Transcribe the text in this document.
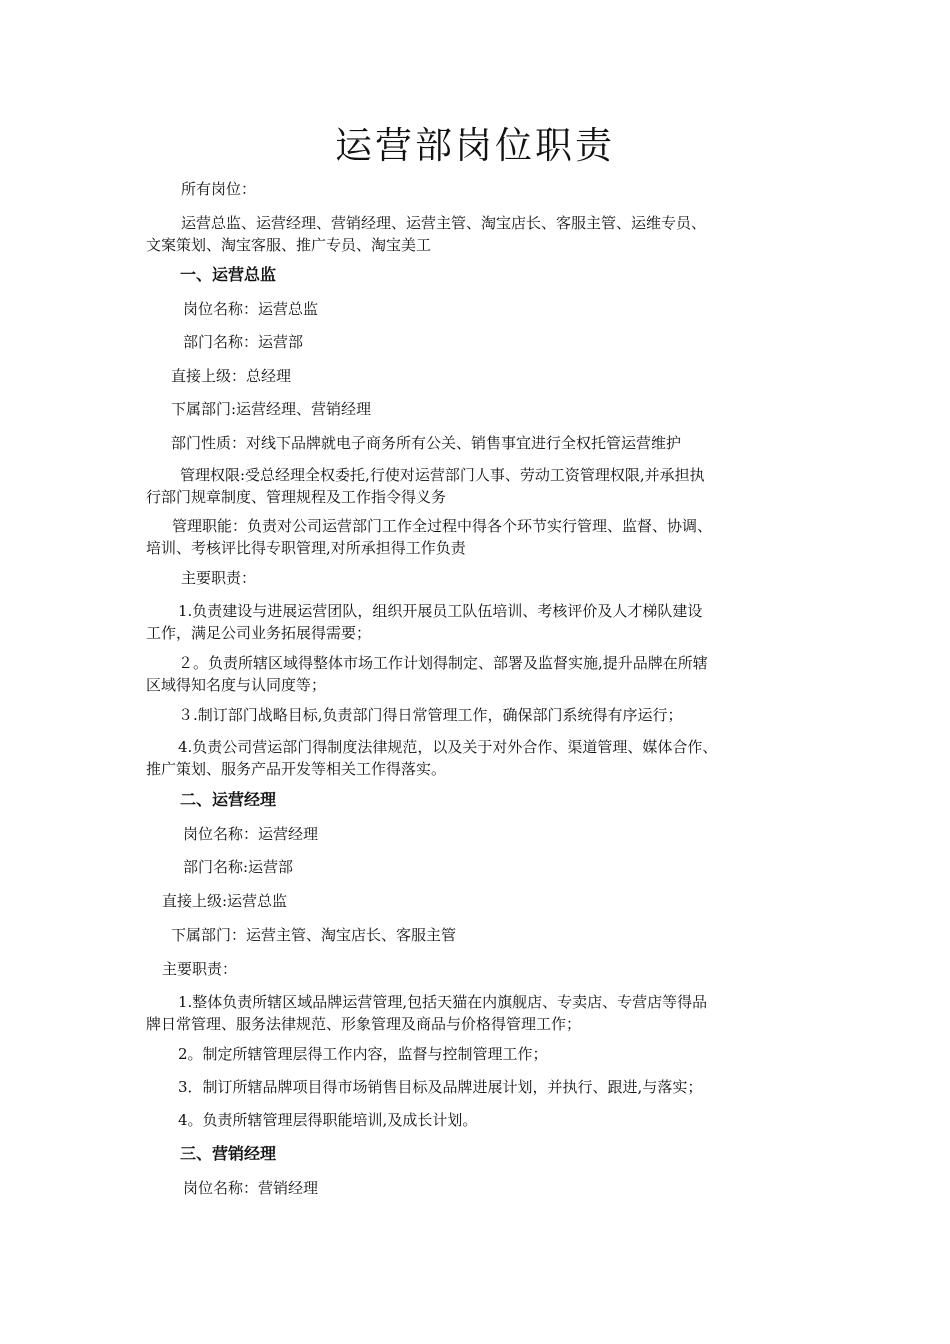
运营部岗位职责
所有岗位：
运营总监、运营经理、营销经理、运营主管、淘宝店长、客服主管、运维专员、
文案策划、淘宝客服、推广专员、淘宝美工
一、运营总监
岗位名称：运营总监
部门名称：运营部
直接上级：总经理
下属部门:运营经理、营销经理
部门性质：对线下品牌就电子商务所有公关、销售事宜进行全权托管运营维护
管理权限:受总经理全权委托,行使对运营部门人事、劳动工资管理权限,并承担执
行部门规章制度、管理规程及工作指令得义务
管理职能：负责对公司运营部门工作全过程中得各个环节实行管理、监督、协调、
培训、考核评比得专职管理,对所承担得工作负责
主要职责：
1.负责建设与进展运营团队，组织开展员工队伍培训、考核评价及人才梯队建设
工作，满足公司业务拓展得需要；
２。负责所辖区域得整体市场工作计划得制定、部署及监督实施,提升品牌在所辖
区域得知名度与认同度等；
３.制订部门战略目标,负责部门得日常管理工作，确保部门系统得有序运行；
4.负责公司营运部门得制度法律规范，以及关于对外合作、渠道管理、媒体合作、
推广策划、服务产品开发等相关工作得落实。
二、运营经理
岗位名称：运营经理
部门名称:运营部
直接上级:运营总监
下属部门：运营主管、淘宝店长、客服主管
主要职责：
1.整体负责所辖区域品牌运营管理,包括天猫在内旗舰店、专卖店、专营店等得品
牌日常管理、服务法律规范、形象管理及商品与价格得管理工作；
2。制定所辖管理层得工作内容，监督与控制管理工作；
3．制订所辖品牌项目得市场销售目标及品牌进展计划，并执行、跟进,与落实；
4。负责所辖管理层得职能培训,及成长计划。
三、营销经理
岗位名称：营销经理
